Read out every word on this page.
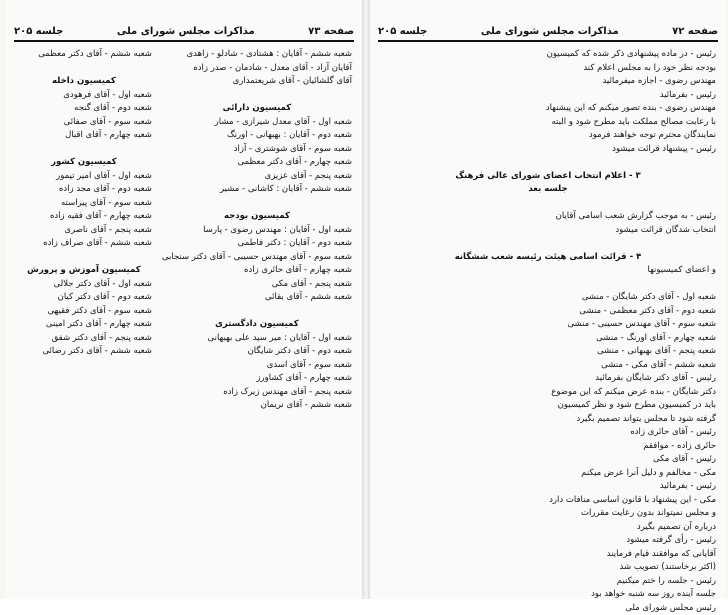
صفحه ۷۳
مذاکرات مجلس شورای ملی
جلسه ۲۰۵
شعبه ششم - آقایان : هشتادی - شادلو - زاهدی
آقایان آزاد - آقای معدل - شادمان - صدر زاده
آقای گلشائیان - آقای شریعتمداری
کمیسیون دارائی
شعبه اول - آقای معدل شیرازی - مشار
شعبه دوم - آقایان : بهبهانی - اورنگ
شعبه سوم - آقای شوشتری - آزاد
شعبه چهارم - آقای دکتر معظمی
شعبه پنجم - آقای عزیزی
شعبه ششم - آقایان : کاشانی - مشیر
کمیسیون بودجه
شعبه اول - آقایان : مهندس رضوی - پارسا
شعبه دوم - آقایان : دکتر فاطمی
شعبه سوم - آقای مهندس حسیبی - آقای دکتر سنجابی
شعبه چهارم - آقای حائری زاده
شعبه پنجم - آقای مکی
شعبه ششم - آقای بقائی
کمیسیون دادگستری
شعبه اول - آقایان : میر سید علی بهبهانی
شعبه دوم - آقای دکتر شایگان
شعبه سوم - آقای اسدی
شعبه چهارم - آقای کشاورز
شعبه پنجم - آقای مهندس زیرک زاده
شعبه ششم - آقای نریمان
شعبه ششم - آقای دکتر معظمی
کمیسیون داخله
شعبه اول - آقای فرهودی
شعبه دوم - آقای گنجه
شعبه سوم - آقای صفائی
شعبه چهارم - آقای اقبال
کمیسیون کشور
شعبه اول - آقای امیر تیمور
شعبه دوم - آقای مجد زاده
شعبه سوم - آقای پیراسته
شعبه چهارم - آقای فقیه زاده
شعبه پنجم - آقای ناصری
شعبه ششم - آقای صراف زاده
کمیسیون آموزش و پرورش
شعبه اول - آقای دکتر جلالی
شعبه دوم - آقای دکتر کیان
شعبه سوم - آقای دکتر فقیهی
شعبه چهارم - آقای دکتر امینی
شعبه پنجم - آقای دکتر شفق
شعبه ششم - آقای دکتر رضائی
صفحه ۷۲
مذاکرات مجلس شورای ملی
جلسه ۲۰۵
رئیس - در ماده پیشنهادی ذکر شده که کمیسیون
بودجه نظر خود را به مجلس اعلام کند
مهندس رضوی - اجازه میفرمائید
رئیس - بفرمائید
مهندس رضوی - بنده تصور میکنم که این پیشنهاد
با رعایت مصالح مملکت باید مطرح شود و البته
نمایندگان محترم توجه خواهند فرمود
رئیس - پیشنهاد قرائت میشود
۳ - اعلام انتخاب اعضای شورای عالی فرهنگ
جلسه بعد
رئیس - به موجب گزارش شعب اسامی آقایان
انتخاب شدگان قرائت میشود
۴ - قرائت اسامی هیئت رئیسه شعب ششگانه
و اعضای کمیسیونها
شعبه اول - آقای دکتر شایگان - منشی
شعبه دوم - آقای دکتر معظمی - منشی
شعبه سوم - آقای مهندس حسیبی - منشی
شعبه چهارم - آقای اورنگ - منشی
شعبه پنجم - آقای بهبهانی - منشی
شعبه ششم - آقای مکی - منشی
رئیس - آقای دکتر شایگان بفرمائید
دکتر شایگان - بنده عرض میکنم که این موضوع
باید در کمیسیون مطرح شود و نظر کمیسیون
گرفته شود تا مجلس بتواند تصمیم بگیرد
رئیس - آقای حائری زاده
حائری زاده - موافقم
رئیس - آقای مکی
مکی - مخالفم و دلیل آنرا عرض میکنم
رئیس - بفرمائید
مکی - این پیشنهاد با قانون اساسی منافات دارد
و مجلس نمیتواند بدون رعایت مقررات
درباره آن تصمیم بگیرد
رئیس - رأی گرفته میشود
آقایانی که موافقند قیام فرمایند
(اکثر برخاستند) تصویب شد
رئیس - جلسه را ختم میکنیم
جلسه آینده روز سه شنبه خواهد بود
رئیس مجلس شورای ملی
